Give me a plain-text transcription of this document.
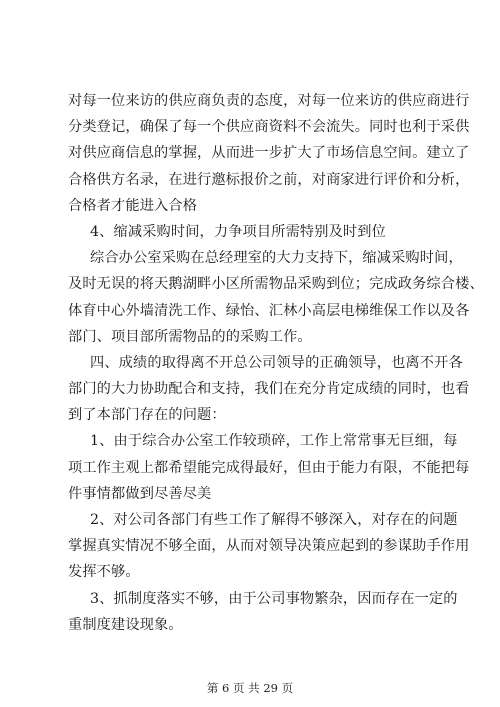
对每一位来访的供应商负责的态度，对每一位来访的供应商进行
分类登记，确保了每一个供应商资料不会流失。同时也利于采供
对供应商信息的掌握，从而进一步扩大了市场信息空间。建立了
合格供方名录，在进行邀标报价之前，对商家进行评价和分析，
合格者才能进入合格
4、缩减采购时间，力争项目所需特别及时到位
综合办公室采购在总经理室的大力支持下，缩减采购时间，
及时无误的将天鹅湖畔小区所需物品采购到位；完成政务综合楼、
体育中心外墙清洗工作、绿怡、汇林小高层电梯维保工作以及各
部门、项目部所需物品的的采购工作。
四、成绩的取得离不开总公司领导的正确领导，也离不开各
部门的大力协助配合和支持，我们在充分肯定成绩的同时，也看
到了本部门存在的问题：
1、由于综合办公室工作较琐碎，工作上常常事无巨细，每
项工作主观上都希望能完成得最好，但由于能力有限，不能把每
件事情都做到尽善尽美
2、对公司各部门有些工作了解得不够深入，对存在的问题
掌握真实情况不够全面，从而对领导决策应起到的参谋助手作用
发挥不够。
3、抓制度落实不够，由于公司事物繁杂，因而存在一定的
重制度建设现象。
第 6 页 共 29 页
